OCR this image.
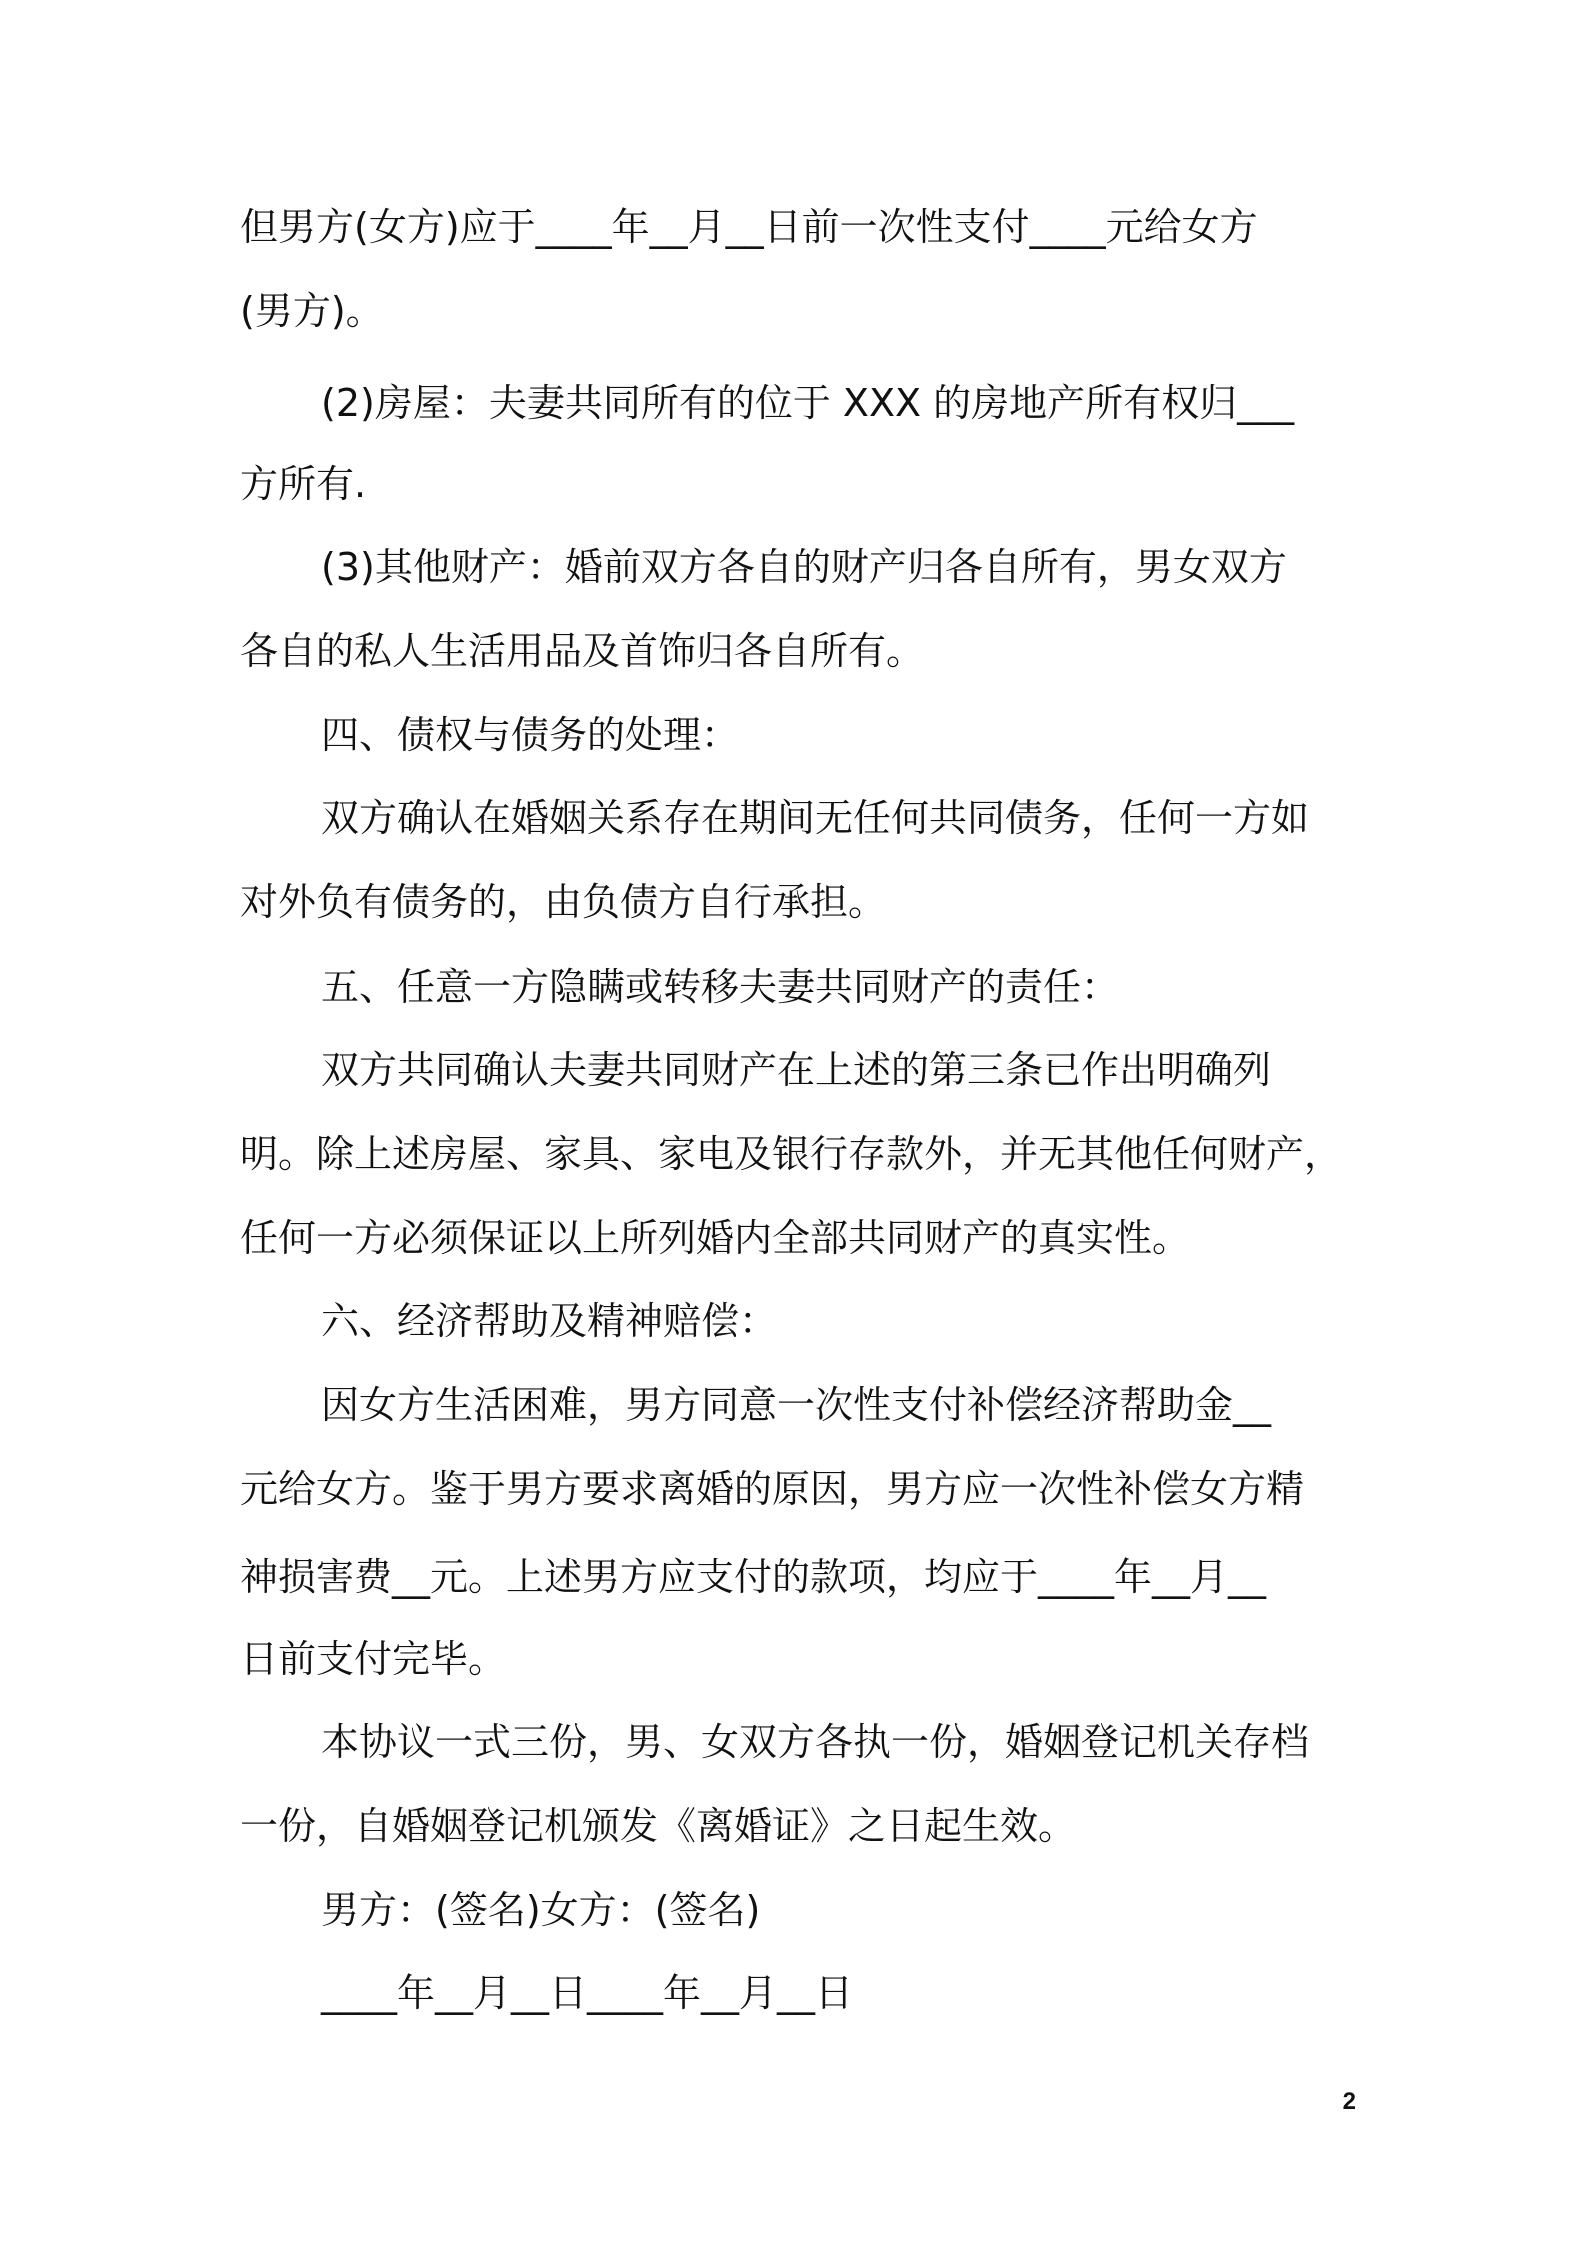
但男方(女方)应于____年__月__日前一次性支付____元给女方
(男方)。
(2)房屋：夫妻共同所有的位于 XXX 的房地产所有权归___
方所有.
(3)其他财产：婚前双方各自的财产归各自所有，男女双方
各自的私人生活用品及首饰归各自所有。
四、债权与债务的处理：
双方确认在婚姻关系存在期间无任何共同债务，任何一方如
对外负有债务的，由负债方自行承担。
五、任意一方隐瞒或转移夫妻共同财产的责任：
双方共同确认夫妻共同财产在上述的第三条已作出明确列
明。除上述房屋、家具、家电及银行存款外，并无其他任何财产，
任何一方必须保证以上所列婚内全部共同财产的真实性。
六、经济帮助及精神赔偿：
因女方生活困难，男方同意一次性支付补偿经济帮助金__
元给女方。鉴于男方要求离婚的原因，男方应一次性补偿女方精
神损害费__元。上述男方应支付的款项，均应于____年__月__
日前支付完毕。
本协议一式三份，男、女双方各执一份，婚姻登记机关存档
一份，自婚姻登记机颁发《离婚证》之日起生效。
男方：(签名)女方：(签名)
____年__月__日____年__月__日
2
